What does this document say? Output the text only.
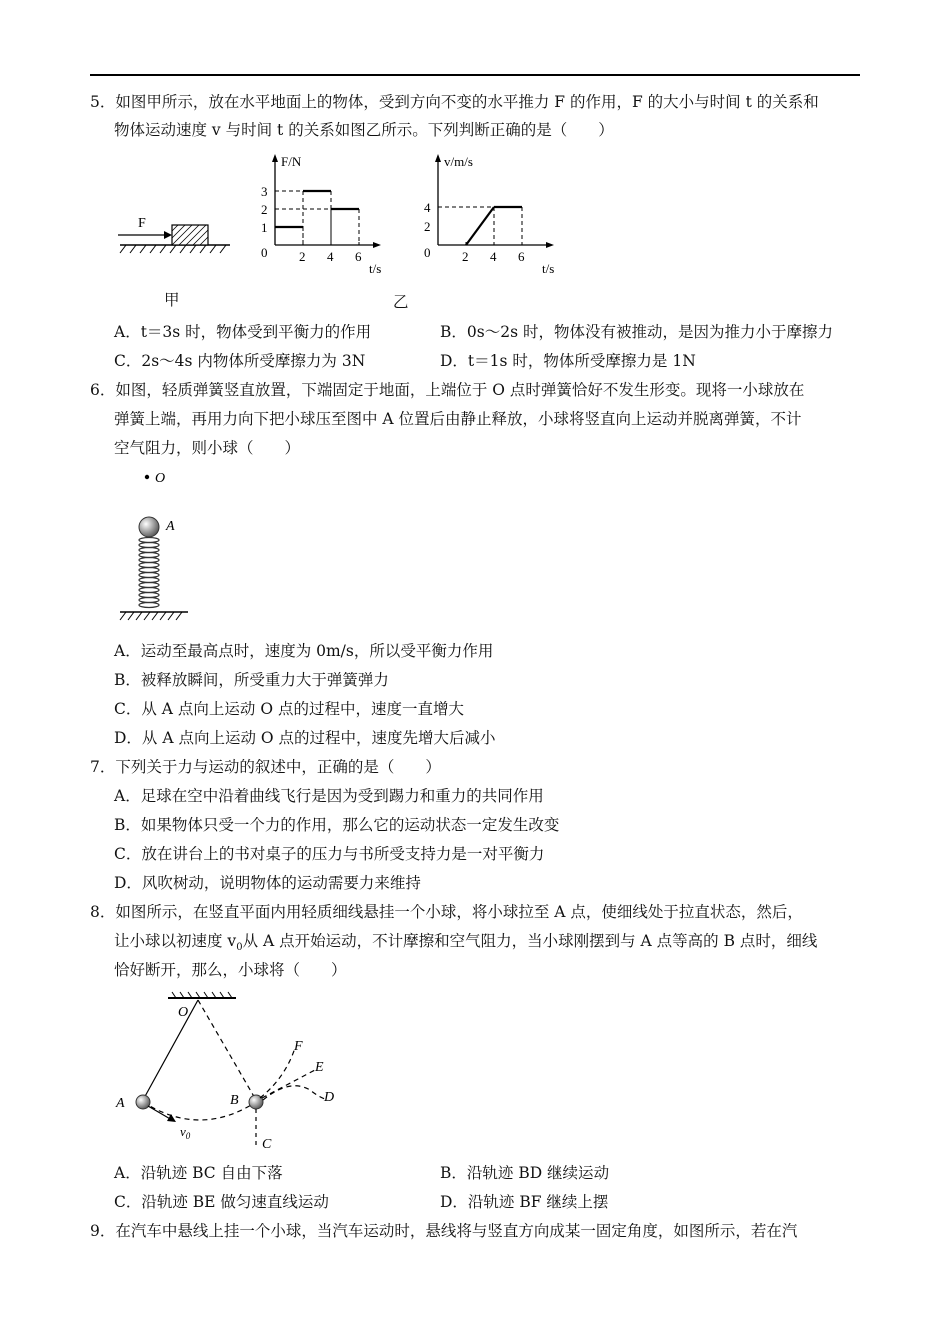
5．如图甲所示，放在水平地面上的物体，受到方向不变的水平推力 F 的作用，F 的大小与时间 t 的关系和
物体运动速度 v 与时间 t 的关系如图乙所示。下列判断正确的是（　　）
F
甲
F/N
t/s
0 2 4 6
1
2
3
v/m/s
t/s
0 2 4 6
2
4
乙
A．t＝3s 时，物体受到平衡力的作用	B．0s～2s 时，物体没有被推动，是因为推力小于摩擦力
C．2s～4s 内物体所受摩擦力为 3N	D．t＝1s 时，物体所受摩擦力是 1N
6．如图，轻质弹簧竖直放置，下端固定于地面，上端位于 O 点时弹簧恰好不发生形变。现将一小球放在
弹簧上端，再用力向下把小球压至图中 A 位置后由静止释放，小球将竖直向上运动并脱离弹簧，不计
空气阻力，则小球（　　）
O
A
A．运动至最高点时，速度为 0m/s，所以受平衡力作用
B．被释放瞬间，所受重力大于弹簧弹力
C．从 A 点向上运动 O 点的过程中，速度一直增大
D．从 A 点向上运动 O 点的过程中，速度先增大后减小
7．下列关于力与运动的叙述中，正确的是（　　）
A．足球在空中沿着曲线飞行是因为受到踢力和重力的共同作用
B．如果物体只受一个力的作用，那么它的运动状态一定发生改变
C．放在讲台上的书对桌子的压力与书所受支持力是一对平衡力
D．风吹树动，说明物体的运动需要力来维持
8．如图所示，在竖直平面内用轻质细线悬挂一个小球，将小球拉至 A 点，使细线处于拉直状态，然后，
让小球以初速度 $v_0$从 A 点开始运动，不计摩擦和空气阻力，当小球刚摆到与 A 点等高的 B 点时，细线
恰好断开，那么，小球将（　　）
O
A	B
$v_0$
C
F
E
D
A．沿轨迹 BC 自由下落	B．沿轨迹 BD 继续运动
C．沿轨迹 BE 做匀速直线运动	D．沿轨迹 BF 继续上摆
9．在汽车中悬线上挂一个小球，当汽车运动时，悬线将与竖直方向成某一固定角度，如图所示，若在汽
